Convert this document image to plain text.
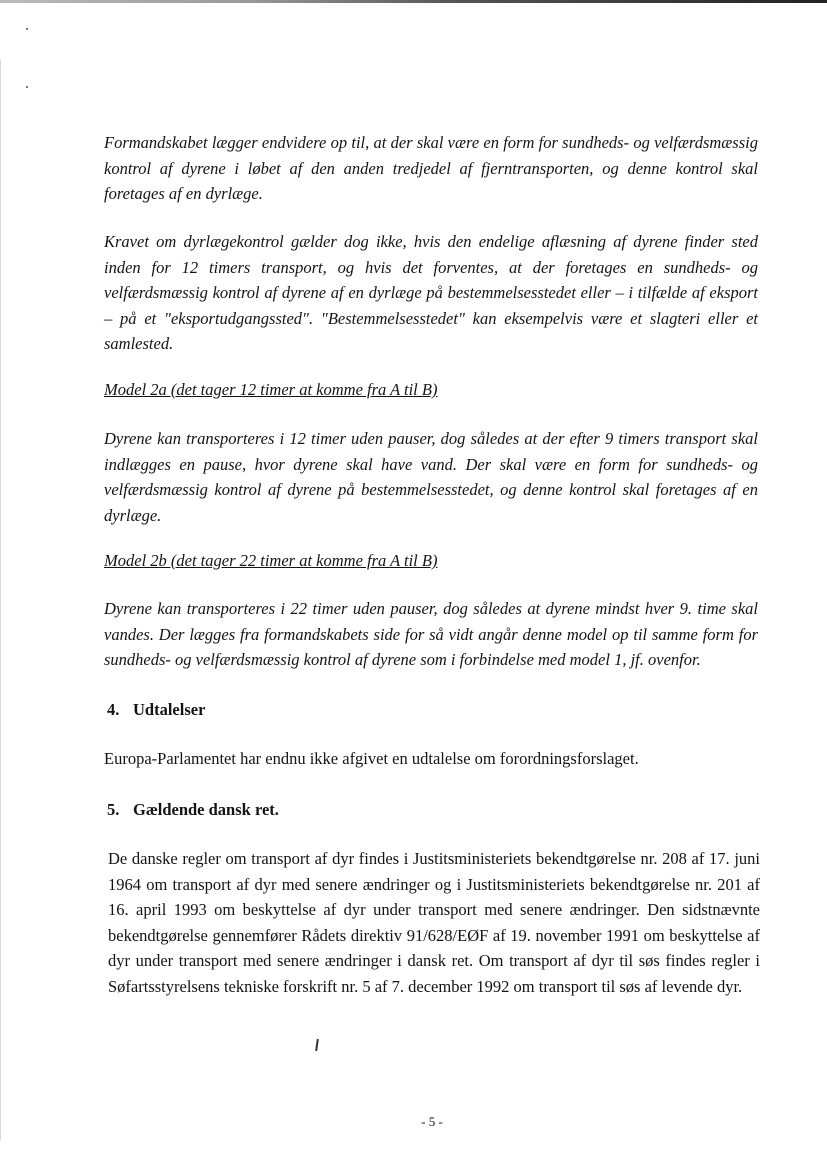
Formandskabet lægger endvidere op til, at der skal være en form for sundheds- og velfærdsmæssig kontrol af dyrene i løbet af den anden tredjedel af fjerntransporten, og denne kontrol skal foretages af en dyrlæge.

Kravet om dyrlægekontrol gælder dog ikke, hvis den endelige aflæsning af dyrene finder sted inden for 12 timers transport, og hvis det forventes, at der foretages en sundheds- og velfærdsmæssig kontrol af dyrene af en dyrlæge på bestemmelsesstedet eller – i tilfælde af eksport – på et "eksportudgangssted". "Bestemmelsesstedet" kan eksempelvis være et slagteri eller et samlested.

Model 2a (det tager 12 timer at komme fra A til B)

Dyrene kan transporteres i 12 timer uden pauser, dog således at der efter 9 timers transport skal indlægges en pause, hvor dyrene skal have vand. Der skal være en form for sundheds- og velfærdsmæssig kontrol af dyrene på bestemmelsesstedet, og denne kontrol skal foretages af en dyrlæge.

Model 2b (det tager 22 timer at komme fra A til B)

Dyrene kan transporteres i 22 timer uden pauser, dog således at dyrene mindst hver 9. time skal vandes. Der lægges fra formandskabets side for så vidt angår denne model op til samme form for sundheds- og velfærdsmæssig kontrol af dyrene som i forbindelse med model 1, jf. ovenfor.

4. Udtalelser

Europa-Parlamentet har endnu ikke afgivet en udtalelse om forordningsforslaget.

5. Gældende dansk ret.

De danske regler om transport af dyr findes i Justitsministeriets bekendtgørelse nr. 208 af 17. juni 1964 om transport af dyr med senere ændringer og i Justitsministeriets bekendtgørelse nr. 201 af 16. april 1993 om beskyttelse af dyr under transport med senere ændringer. Den sidstnævnte bekendtgørelse gennemfører Rådets direktiv 91/628/EØF af 19. november 1991 om beskyttelse af dyr under transport med senere ændringer i dansk ret. Om transport af dyr til søs findes regler i Søfartsstyrelsens tekniske forskrift nr. 5 af 7. december 1992 om transport til søs af levende dyr.

- 5 -
